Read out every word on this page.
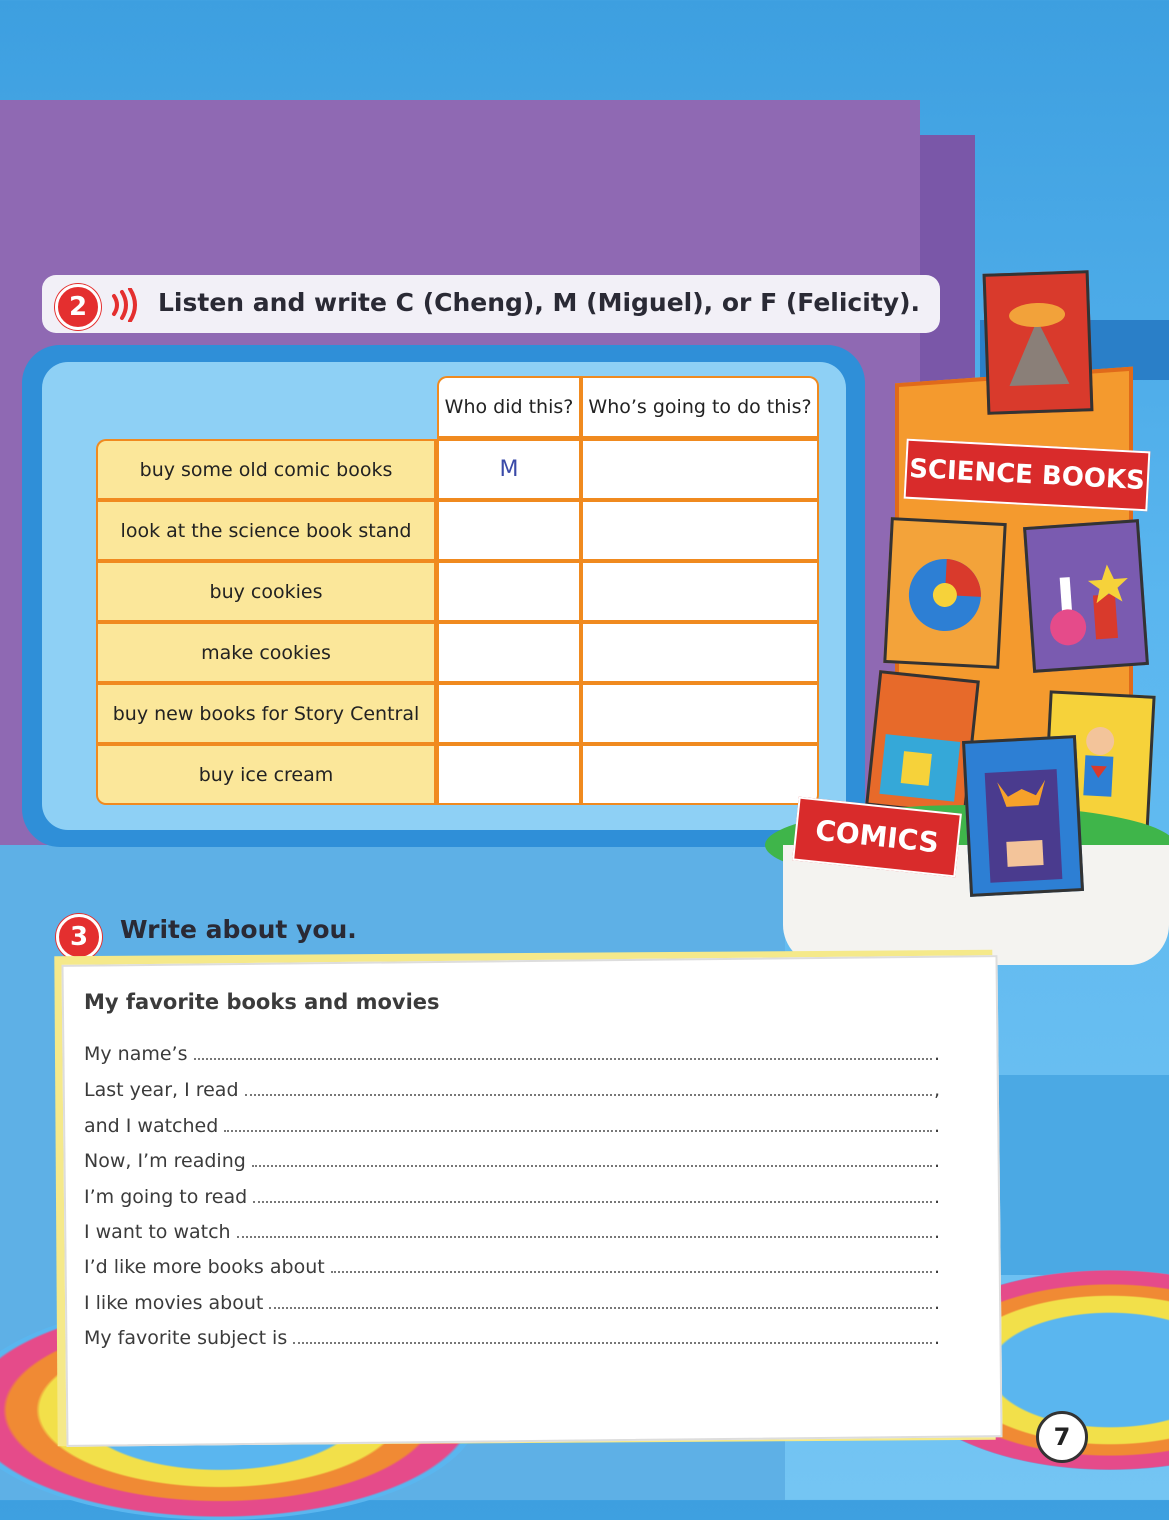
2	Listen and write C (Cheng), M (Miguel), or F (Felicity).
	Who did this?	Who’s going to do this?
buy some old comic books	M	
look at the science book stand		
buy cookies		
make cookies		
buy new books for Story Central		
buy ice cream		
SCIENCE BOOKS
COMICS
3	Write about you.
My favorite books and movies
My name’s	.
Last year, I read	,
and I watched	.
Now, I’m reading	.
I’m going to read	.
I want to watch	.
I’d like more books about	.
I like movies about	.
My favorite subject is	.
7
